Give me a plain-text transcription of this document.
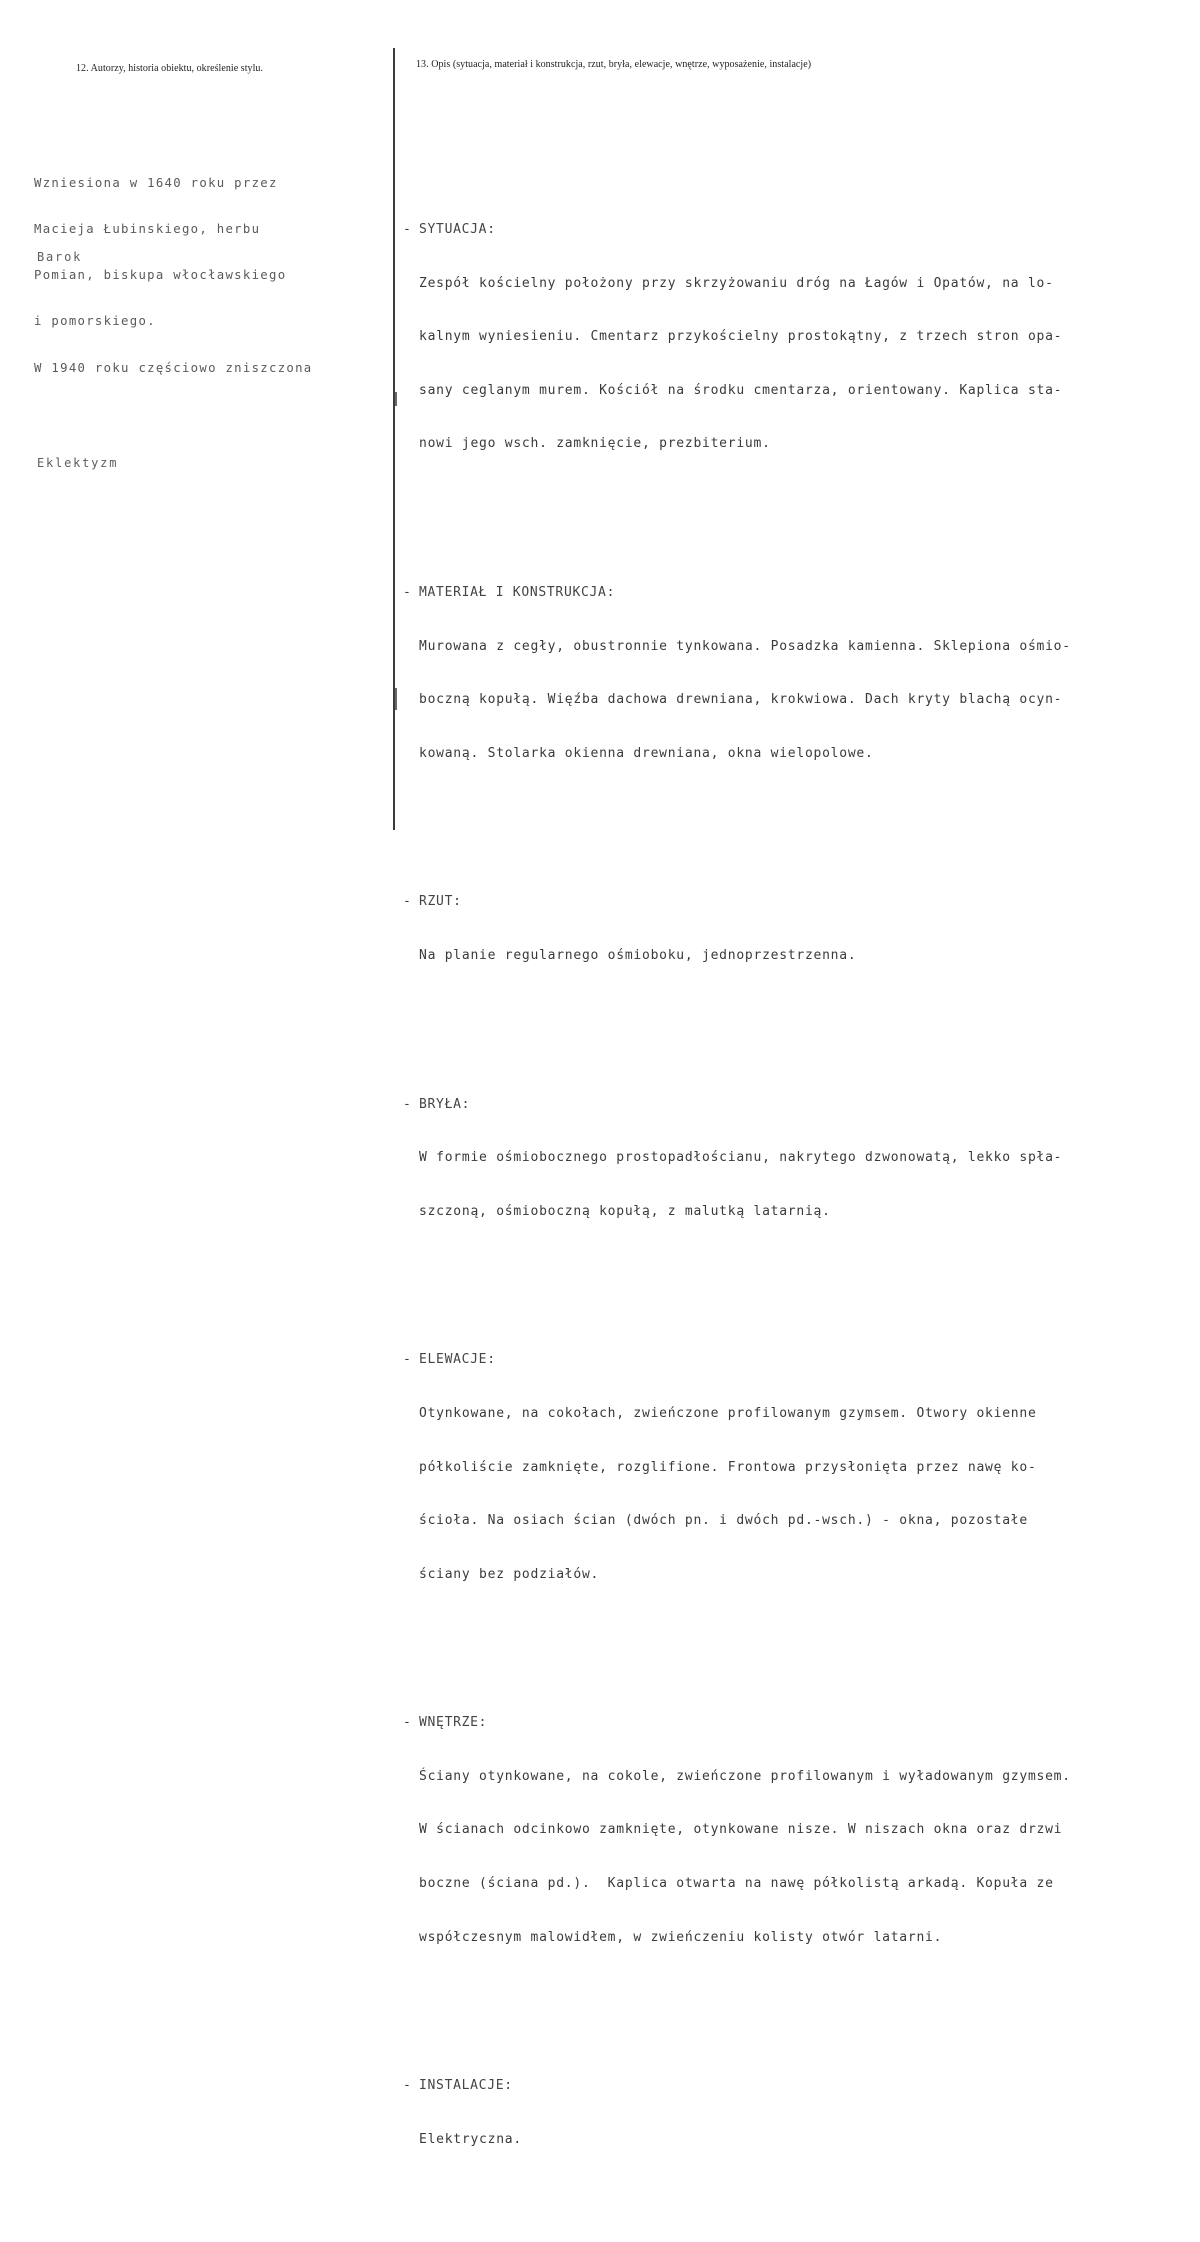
12. Autorzy, historia obiektu, określenie stylu.

Wzniesiona w 1640 roku przez

Macieja Łubinskiego, herbu

Pomian, biskupa włocławskiego

i pomorskiego.

W 1940 roku częściowo zniszczona

Barok
Eklektyzm
13. Opis (sytuacja, materiał i konstrukcja, rzut, bryła, elewacje, wnętrze, wyposażenie, instalacje)

- SYTUACJA:

Zespół kościelny położony przy skrzyżowaniu dróg na Łagów i Opatów, na lo-

kalnym wyniesieniu. Cmentarz przykościelny prostokątny, z trzech stron opa-

sany ceglanym murem. Kościół na środku cmentarza, orientowany. Kaplica sta-

nowi jego wsch. zamknięcie, prezbiterium.

- MATERIAŁ I KONSTRUKCJA:

Murowana z cegły, obustronnie tynkowana. Posadzka kamienna. Sklepiona ośmio-

boczną kopułą. Więźba dachowa drewniana, krokwiowa. Dach kryty blachą ocyn-

kowaną. Stolarka okienna drewniana, okna wielopolowe.

- RZUT:

Na planie regularnego ośmioboku, jednoprzestrzenna.

- BRYŁA:

W formie ośmiobocznego prostopadłościanu, nakrytego dzwonowatą, lekko spła-

szczoną, ośmioboczną kopułą, z malutką latarnią.

- ELEWACJE:

Otynkowane, na cokołach, zwieńczone profilowanym gzymsem. Otwory okienne

półkoliście zamknięte, rozglifione. Frontowa przysłonięta przez nawę ko-

ścioła. Na osiach ścian (dwóch pn. i dwóch pd.-wsch.) - okna, pozostałe

ściany bez podziałów.

- WNĘTRZE:

Ściany otynkowane, na cokole, zwieńczone profilowanym i wyładowanym gzymsem.

W ścianach odcinkowo zamknięte, otynkowane nisze. W niszach okna oraz drzwi

boczne (ściana pd.).  Kaplica otwarta na nawę półkolistą arkadą. Kopuła ze

współczesnym malowidłem, w zwieńczeniu kolisty otwór latarni.

- INSTALACJE:

Elektryczna.
